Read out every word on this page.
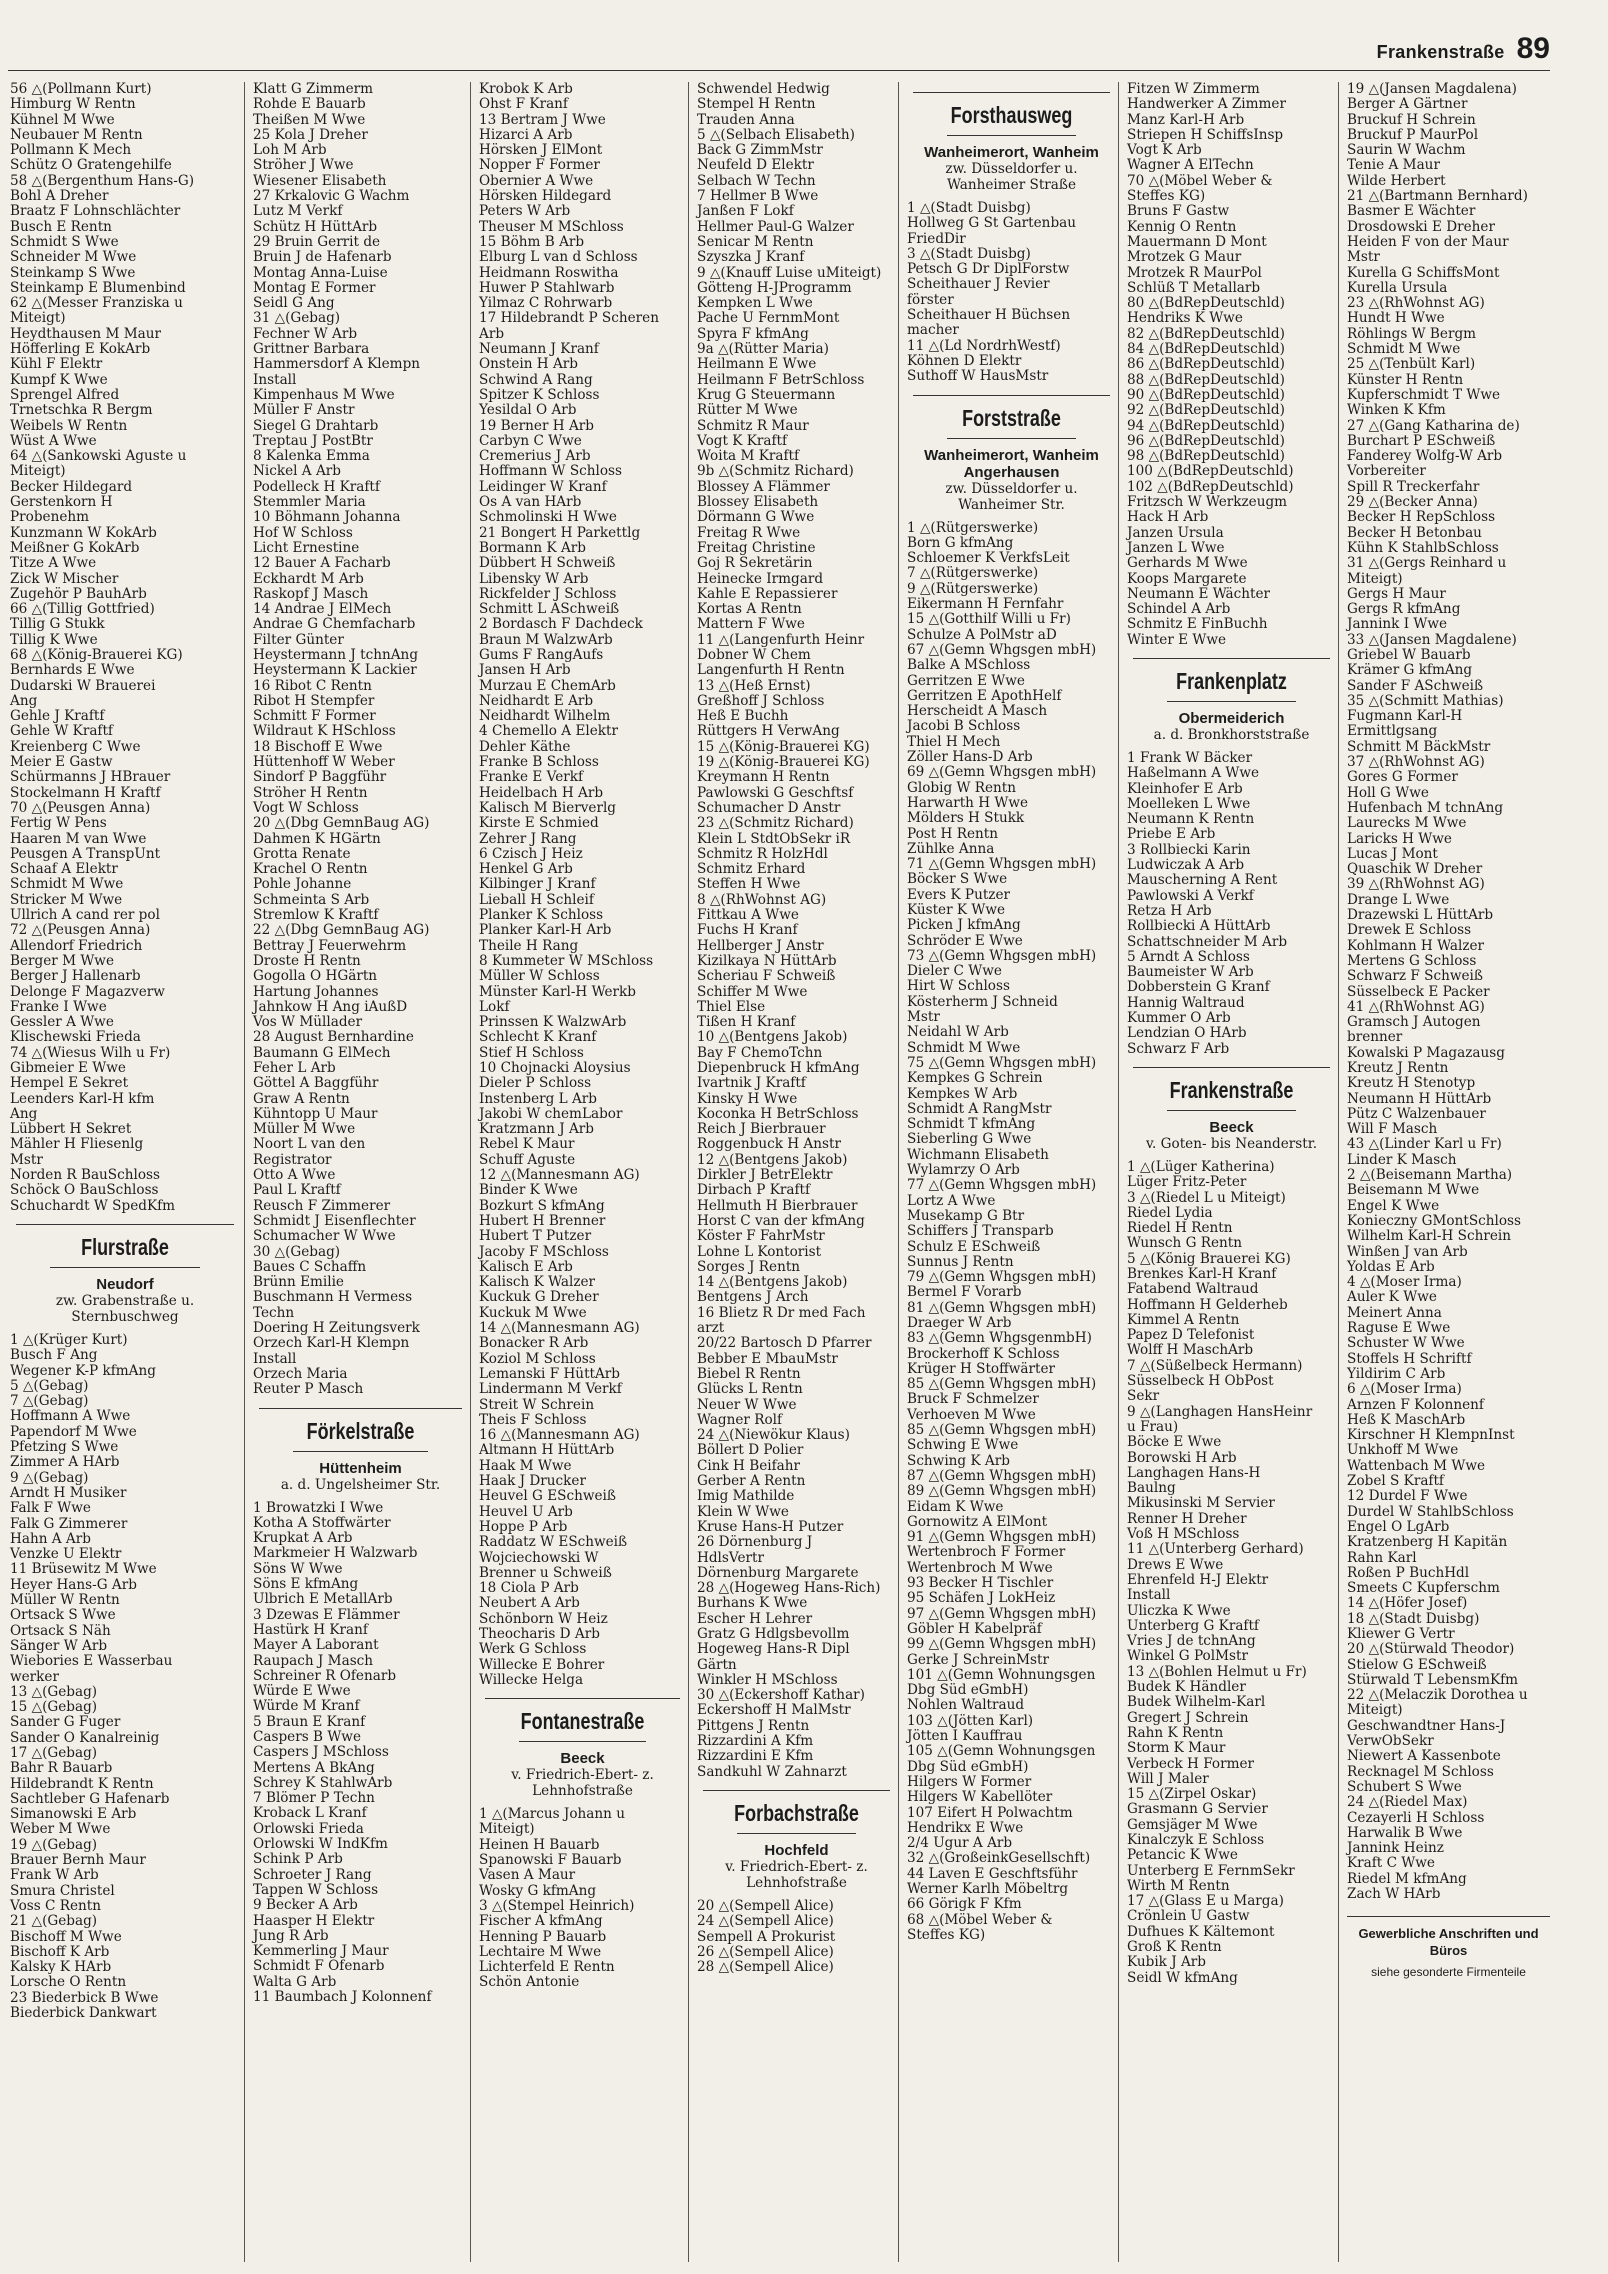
Frankenstraße 89
56 △(Pollmann Kurt)
Himburg W Rentn
Kühnel M Wwe
Neubauer M Rentn
Pollmann K Mech
Schütz O Gratengehilfe
58 △(Bergenthum Hans-G)
Bohl A Dreher
Braatz F Lohnschlächter
Busch E Rentn
Schmidt S Wwe
Schneider M Wwe
Steinkamp S Wwe
Steinkamp E Blumenbind
62 △(Messer Franziska u
Miteigt)
Heydthausen M Maur
Höfferling E KokArb
Kühl F Elektr
Kumpf K Wwe
Sprengel Alfred
Trnetschka R Bergm
Weibels W Rentn
Wüst A Wwe
64 △(Sankowski Aguste u
Miteigt)
Becker Hildegard
Gerstenkorn H
Probenehm
Kunzmann W KokArb
Meißner G KokArb
Titze A Wwe
Zick W Mischer
Zugehör P BauhArb
66 △(Tillig Gottfried)
Tillig G Stukk
Tillig K Wwe
68 △(König-Brauerei KG)
Bernhards E Wwe
Dudarski W Brauerei
Ang
Gehle J Kraftf
Gehle W Kraftf
Kreienberg C Wwe
Meier E Gastw
Schürmanns J HBrauer
Stockelmann H Kraftf
70 △(Peusgen Anna)
Fertig W Pens
Haaren M van Wwe
Peusgen A TranspUnt
Schaaf A Elektr
Schmidt M Wwe
Stricker M Wwe
Ullrich A cand rer pol
72 △(Peusgen Anna)
Allendorf Friedrich
Berger M Wwe
Berger J Hallenarb
Delonge F Magazverw
Franke I Wwe
Gessler A Wwe
Klischewski Frieda
74 △(Wiesus Wilh u Fr)
Gibmeier E Wwe
Hempel E Sekret
Leenders Karl-H kfm
Ang
Lübbert H Sekret
Mähler H Fliesenlg
Mstr
Norden R BauSchloss
Schöck O BauSchloss
Schuchardt W SpedKfm
Flurstraße
Neudorf
zw. Grabenstraße u. Sternbuschweg
1 △(Krüger Kurt)
Busch F Ang
Wegener K-P kfmAng
5 △(Gebag)
7 △(Gebag)
Hoffmann A Wwe
Papendorf M Wwe
Pfetzing S Wwe
Zimmer A HArb
9 △(Gebag)
Arndt H Musiker
Falk F Wwe
Falk G Zimmerer
Hahn A Arb
Venzke U Elektr
11 Brüsewitz M Wwe
Heyer Hans-G Arb
Müller W Rentn
Ortsack S Wwe
Ortsack S Näh
Sänger W Arb
Wiebories E Wasserbau
werker
13 △(Gebag)
15 △(Gebag)
Sander G Fuger
Sander O Kanalreinig
17 △(Gebag)
Bahr R Bauarb
Hildebrandt K Rentn
Sachtleber G Hafenarb
Simanowski E Arb
Weber M Wwe
19 △(Gebag)
Brauer Bernh Maur
Frank W Arb
Smura Christel
Voss C Rentn
21 △(Gebag)
Bischoff M Wwe
Bischoff K Arb
Kalsky K HArb
Lorsche O Rentn
23 Biederbick B Wwe
Biederbick Dankwart
Klatt G Zimmerm
Rohde E Bauarb
Theißen M Wwe
25 Kola J Dreher
Loh M Arb
Ströher J Wwe
Wiesener Elisabeth
27 Krkalovic G Wachm
Lutz M Verkf
Schütz H HüttArb
29 Bruin Gerrit de
Bruin J de Hafenarb
Montag Anna-Luise
Montag E Former
Seidl G Ang
31 △(Gebag)
Fechner W Arb
Grittner Barbara
Hammersdorf A Klempn
Install
Kimpenhaus M Wwe
Müller F Anstr
Siegel G Drahtarb
Treptau J PostBtr
8 Kalenka Emma
Nickel A Arb
Podelleck H Kraftf
Stemmler Maria
10 Böhmann Johanna
Hof W Schloss
Licht Ernestine
12 Bauer A Facharb
Eckhardt M Arb
Raskopf J Masch
14 Andrae J ElMech
Andrae G Chemfacharb
Filter Günter
Heystermann J tchnAng
Heystermann K Lackier
16 Ribot C Rentn
Ribot H Stempfer
Schmitt F Former
Wildraut K HSchloss
18 Bischoff E Wwe
Hüttenhoff W Weber
Sindorf P Baggführ
Ströher H Rentn
Vogt W Schloss
20 △(Dbg GemnBaug AG)
Dahmen K HGärtn
Grotta Renate
Krachel O Rentn
Pohle Johanne
Schmeinta S Arb
Stremlow K Kraftf
22 △(Dbg GemnBaug AG)
Bettray J Feuerwehrm
Droste H Rentn
Gogolla O HGärtn
Hartung Johannes
Jahnkow H Ang iAußD
Vos W Müllader
28 August Bernhardine
Baumann G ElMech
Feher L Arb
Göttel A Baggführ
Graw A Rentn
Kühntopp U Maur
Müller M Wwe
Noort L van den
Registrator
Otto A Wwe
Paul L Kraftf
Reusch F Zimmerer
Schmidt J Eisenflechter
Schumacher W Wwe
30 △(Gebag)
Baues C Schaffn
Brünn Emilie
Buschmann H Vermess
Techn
Doering H Zeitungsverk
Orzech Karl-H Klempn
Install
Orzech Maria
Reuter P Masch
Förkelstraße
Hüttenheim
a. d. Ungelsheimer Str.
1 Browatzki I Wwe
Kotha A Stoffwärter
Krupkat A Arb
Markmeier H Walzwarb
Söns W Wwe
Söns E kfmAng
Ulbrich E MetallArb
3 Dzewas E Flämmer
Hastürk H Kranf
Mayer A Laborant
Raupach J Masch
Schreiner R Ofenarb
Würde E Wwe
Würde M Kranf
5 Braun E Kranf
Caspers B Wwe
Caspers J MSchloss
Mertens A BkAng
Schrey K StahlwArb
7 Blömer P Techn
Kroback L Kranf
Orlowski Frieda
Orlowski W IndKfm
Schink P Arb
Schroeter J Rang
Tappen W Schloss
9 Becker A Arb
Haasper H Elektr
Jung R Arb
Kemmerling J Maur
Schmidt F Ofenarb
Walta G Arb
11 Baumbach J Kolonnenf
Krobok K Arb
Ohst F Kranf
13 Bertram J Wwe
Hizarci A Arb
Hörsken J ElMont
Nopper F Former
Obernier A Wwe
Hörsken Hildegard
Peters W Arb
Theuser M MSchloss
15 Böhm B Arb
Elburg L van d Schloss
Heidmann Roswitha
Huwer P Stahlwarb
Yilmaz C Rohrwarb
17 Hildebrandt P Scheren
Arb
Neumann J Kranf
Onstein H Arb
Schwind A Rang
Spitzer K Schloss
Yesildal O Arb
19 Berner H Arb
Carbyn C Wwe
Cremerius J Arb
Hoffmann W Schloss
Leidinger W Kranf
Os A van HArb
Schmolinski H Wwe
21 Bongert H Parkettlg
Bormann K Arb
Dübbert H Schweiß
Libensky W Arb
Rickfelder J Schloss
Schmitt L ASchweiß
2 Bordasch F Dachdeck
Braun M WalzwArb
Gums F RangAufs
Jansen H Arb
Murzau E ChemArb
Neidhardt E Arb
Neidhardt Wilhelm
4 Chemello A Elektr
Dehler Käthe
Franke B Schloss
Franke E Verkf
Heidelbach H Arb
Kalisch M Bierverlg
Kirste E Schmied
Zehrer J Rang
6 Czisch J Heiz
Henkel G Arb
Kilbinger J Kranf
Lieball H Schleif
Planker K Schloss
Planker Karl-H Arb
Theile H Rang
8 Kummeter W MSchloss
Müller W Schloss
Münster Karl-H Werkb
Lokf
Prinssen K WalzwArb
Schlecht K Kranf
Stief H Schloss
10 Chojnacki Aloysius
Dieler P Schloss
Instenberg L Arb
Jakobi W chemLabor
Kratzmann J Arb
Rebel K Maur
Schuff Aguste
12 △(Mannesmann AG)
Binder K Wwe
Bozkurt S kfmAng
Hubert H Brenner
Hubert T Putzer
Jacoby F MSchloss
Kalisch E Arb
Kalisch K Walzer
Kuckuk G Dreher
Kuckuk M Wwe
14 △(Mannesmann AG)
Bonacker R Arb
Koziol M Schloss
Lemanski F HüttArb
Lindermann M Verkf
Streit W Schrein
Theis F Schloss
16 △(Mannesmann AG)
Altmann H HüttArb
Haak M Wwe
Haak J Drucker
Heuvel G ESchweiß
Heuvel U Arb
Hoppe P Arb
Raddatz W ESchweiß
Wojciechowski W
Brenner u Schweiß
18 Ciola P Arb
Neubert A Arb
Schönborn W Heiz
Theocharis D Arb
Werk G Schloss
Willecke E Bohrer
Willecke Helga
Fontanestraße
Beeck
v. Friedrich-Ebert- z. Lehnhofstraße
1 △(Marcus Johann u
Miteigt)
Heinen H Bauarb
Spanowski F Bauarb
Vasen A Maur
Wosky G kfmAng
3 △(Stempel Heinrich)
Fischer A kfmAng
Henning P Bauarb
Lechtaire M Wwe
Lichterfeld E Rentn
Schön Antonie
Schwendel Hedwig
Stempel H Rentn
Trauden Anna
5 △(Selbach Elisabeth)
Back G ZimmMstr
Neufeld D Elektr
Selbach W Techn
7 Hellmer B Wwe
Janßen F Lokf
Hellmer Paul-G Walzer
Senicar M Rentn
Szyszka J Kranf
9 △(Knauff Luise uMiteigt)
Götteng H-JProgramm
Kempken L Wwe
Pache U FernmMont
Spyra F kfmAng
9a △(Rütter Maria)
Heilmann E Wwe
Heilmann F BetrSchloss
Krug G Steuermann
Rütter M Wwe
Schmitz R Maur
Vogt K Kraftf
Woita M Kraftf
9b △(Schmitz Richard)
Blossey A Flämmer
Blossey Elisabeth
Dörmann G Wwe
Freitag R Wwe
Freitag Christine
Goj R Sekretärin
Heinecke Irmgard
Kahle E Repassierer
Kortas A Rentn
Mattern F Wwe
11 △(Langenfurth Heinr
Dobner W Chem
Langenfurth H Rentn
13 △(Heß Ernst)
Greßhoff J Schloss
Heß E Buchh
Rüttgers H VerwAng
15 △(König-Brauerei KG)
19 △(König-Brauerei KG)
Kreymann H Rentn
Pawlowski G Geschftsf
Schumacher D Anstr
23 △(Schmitz Richard)
Klein L StdtObSekr iR
Schmitz R HolzHdl
Schmitz Erhard
Steffen H Wwe
8 △(RhWohnst AG)
Fittkau A Wwe
Fuchs H Kranf
Hellberger J Anstr
Kizilkaya N HüttArb
Scheriau F Schweiß
Schiffer M Wwe
Thiel Else
Tißen H Kranf
10 △(Bentgens Jakob)
Bay F ChemoTchn
Diepenbruck H kfmAng
Ivartnik J Kraftf
Kinsky H Wwe
Koconka H BetrSchloss
Reich J Bierbrauer
Roggenbuck H Anstr
12 △(Bentgens Jakob)
Dirkler J BetrElektr
Dirbach P Kraftf
Hellmuth H Bierbrauer
Horst C van der kfmAng
Köster F FahrMstr
Lohne L Kontorist
Sorges J Rentn
14 △(Bentgens Jakob)
Bentgens J Arch
16 Blietz R Dr med Fach
arzt
20/22 Bartosch D Pfarrer
Bebber E MbauMstr
Biebel R Rentn
Glücks L Rentn
Neuer W Wwe
Wagner Rolf
24 △(Niewökur Klaus)
Böllert D Polier
Cink H Beifahr
Gerber A Rentn
Imig Mathilde
Klein W Wwe
Kruse Hans-H Putzer
26 Dörnenburg J
HdlsVertr
Dörnenburg Margarete
28 △(Hogeweg Hans-Rich)
Burhans K Wwe
Escher H Lehrer
Gratz G Hdlgsbevollm
Hogeweg Hans-R Dipl
Gärtn
Winkler H MSchloss
30 △(Eckershoff Kathar)
Eckershoff H MalMstr
Pittgens J Rentn
Rizzardini A Kfm
Rizzardini E Kfm
Sandkuhl W Zahnarzt
Forbachstraße
Hochfeld
v. Friedrich-Ebert- z. Lehnhofstraße
20 △(Sempell Alice)
24 △(Sempell Alice)
Sempell A Prokurist
26 △(Sempell Alice)
28 △(Sempell Alice)
Forsthausweg
Wanheimerort, Wanheim
zw. Düsseldorfer u. Wanheimer Straße
1 △(Stadt Duisbg)
Hollweg G St Gartenbau
FriedDir
3 △(Stadt Duisbg)
Petsch G Dr DiplForstw
Scheithauer J Revier
förster
Scheithauer H Büchsen
macher
11 △(Ld NordrhWestf)
Köhnen D Elektr
Suthoff W HausMstr
Forststraße
Wanheimerort, Wanheim Angerhausen
zw. Düsseldorfer u. Wanheimer Str.
1 △(Rütgerswerke)
Born G kfmAng
Schloemer K VerkfsLeit
7 △(Rütgerswerke)
9 △(Rütgerswerke)
Eikermann H Fernfahr
15 △(Gotthilf Willi u Fr)
Schulze A PolMstr aD
67 △(Gemn Whgsgen mbH)
Balke A MSchloss
Gerritzen E Wwe
Gerritzen E ApothHelf
Herscheidt A Masch
Jacobi B Schloss
Thiel H Mech
Zöller Hans-D Arb
69 △(Gemn Whgsgen mbH)
Globig W Rentn
Harwarth H Wwe
Mölders H Stukk
Post H Rentn
Zühlke Anna
71 △(Gemn Whgsgen mbH)
Böcker S Wwe
Evers K Putzer
Küster K Wwe
Picken J kfmAng
Schröder E Wwe
73 △(Gemn Whgsgen mbH)
Dieler C Wwe
Hirt W Schloss
Kösterherm J Schneid
Mstr
Neidahl W Arb
Schmidt M Wwe
75 △(Gemn Whgsgen mbH)
Kempkes G Schrein
Kempkes W Arb
Schmidt A RangMstr
Schmidt T kfmAng
Sieberling G Wwe
Wichmann Elisabeth
Wylamrzy O Arb
77 △(Gemn Whgsgen mbH)
Lortz A Wwe
Musekamp G Btr
Schiffers J Transparb
Schulz E ESchweiß
Sunnus J Rentn
79 △(Gemn Whgsgen mbH)
Bermel F Vorarb
81 △(Gemn Whgsgen mbH)
Draeger W Arb
83 △(Gemn WhgsgenmbH)
Brockerhoff K Schloss
Krüger H Stoffwärter
85 △(Gemn Whgsgen mbH)
Bruck F Schmelzer
Verhoeven M Wwe
85 △(Gemn Whgsgen mbH)
Schwing E Wwe
Schwing K Arb
87 △(Gemn Whgsgen mbH)
89 △(Gemn Whgsgen mbH)
Eidam K Wwe
Gornowitz A ElMont
91 △(Gemn Whgsgen mbH)
Wertenbroch F Former
Wertenbroch M Wwe
93 Becker H Tischler
95 Schäfen J LokHeiz
97 △(Gemn Whgsgen mbH)
Göbler H Kabelpräf
99 △(Gemn Whgsgen mbH)
Gerke J SchreinMstr
101 △(Gemn Wohnungsgen
Dbg Süd eGmbH)
Nohlen Waltraud
103 △(Jötten Karl)
Jötten I Kauffrau
105 △(Gemn Wohnungsgen
Dbg Süd eGmbH)
Hilgers W Former
Hilgers W Kabellöter
107 Eifert H Polwachtm
Hendrikx E Wwe
2/4 Ugur A Arb
32 △(GroßeinkGesellschft)
44 Laven E Geschftsführ
Werner Karlh Möbeltrg
66 Görigk F Kfm
68 △(Möbel Weber &
Steffes KG)
Fitzen W Zimmerm
Handwerker A Zimmer
Manz Karl-H Arb
Striepen H SchiffsInsp
Vogt K Arb
Wagner A ElTechn
70 △(Möbel Weber &
Steffes KG)
Bruns F Gastw
Kennig O Rentn
Mauermann D Mont
Mrotzek G Maur
Mrotzek R MaurPol
Schlüß T Metallarb
80 △(BdRepDeutschld)
Hendriks K Wwe
82 △(BdRepDeutschld)
84 △(BdRepDeutschld)
86 △(BdRepDeutschld)
88 △(BdRepDeutschld)
90 △(BdRepDeutschld)
92 △(BdRepDeutschld)
94 △(BdRepDeutschld)
96 △(BdRepDeutschld)
98 △(BdRepDeutschld)
100 △(BdRepDeutschld)
102 △(BdRepDeutschld)
Fritzsch W Werkzeugm
Hack H Arb
Janzen Ursula
Janzen L Wwe
Gerhards M Wwe
Koops Margarete
Neumann E Wächter
Schindel A Arb
Schmitz E FinBuchh
Winter E Wwe
Frankenplatz
Obermeiderich
a. d. Bronkhorststraße
1 Frank W Bäcker
Haßelmann A Wwe
Kleinhofer E Arb
Moelleken L Wwe
Neumann K Rentn
Priebe E Arb
3 Rollbiecki Karin
Ludwiczak A Arb
Mauscherning A Rent
Pawlowski A Verkf
Retza H Arb
Rollbiecki A HüttArb
Schattschneider M Arb
5 Arndt A Schloss
Baumeister W Arb
Dobberstein G Kranf
Hannig Waltraud
Kummer O Arb
Lendzian O HArb
Schwarz F Arb
Frankenstraße
Beeck
v. Goten- bis Neanderstr.
1 △(Lüger Katherina)
Lüger Fritz-Peter
3 △(Riedel L u Miteigt)
Riedel Lydia
Riedel H Rentn
Wunsch G Rentn
5 △(König Brauerei KG)
Brenkes Karl-H Kranf
Fatabend Waltraud
Hoffmann H Gelderheb
Kimmel A Rentn
Papez D Telefonist
Wolff H MaschArb
7 △(Süßelbeck Hermann)
Süsselbeck H ObPost
Sekr
9 △(Langhagen HansHeinr
u Frau)
Böcke E Wwe
Borowski H Arb
Langhagen Hans-H
Baulng
Mikusinski M Servier
Renner H Dreher
Voß H MSchloss
11 △(Unterberg Gerhard)
Drews E Wwe
Ehrenfeld H-J Elektr
Install
Uliczka K Wwe
Unterberg G Kraftf
Vries J de tchnAng
Winkel G PolMstr
13 △(Bohlen Helmut u Fr)
Budek K Händler
Budek Wilhelm-Karl
Gregert J Schrein
Rahn K Rentn
Storm K Maur
Verbeck H Former
Will J Maler
15 △(Zirpel Oskar)
Grasmann G Servier
Gemsjäger M Wwe
Kinalczyk E Schloss
Petancic K Wwe
Unterberg E FernmSekr
Wirth M Rentn
17 △(Glass E u Marga)
Crönlein U Gastw
Dufhues K Kältemont
Groß K Rentn
Kubik J Arb
Seidl W kfmAng
19 △(Jansen Magdalena)
Berger A Gärtner
Bruckuf H Schrein
Bruckuf P MaurPol
Saurin W Wachm
Tenie A Maur
Wilde Herbert
21 △(Bartmann Bernhard)
Basmer E Wächter
Drosdowski E Dreher
Heiden F von der Maur
Mstr
Kurella G SchiffsMont
Kurella Ursula
23 △(RhWohnst AG)
Hundt H Wwe
Röhlings W Bergm
Schmidt M Wwe
25 △(Tenbült Karl)
Künster H Rentn
Kupferschmidt T Wwe
Winken K Kfm
27 △(Gang Katharina de)
Burchart P ESchweiß
Fanderey Wolfg-W Arb
Vorbereiter
Spill R Treckerfahr
29 △(Becker Anna)
Becker H RepSchloss
Becker H Betonbau
Kühn K StahlbSchloss
31 △(Gergs Reinhard u
Miteigt)
Gergs H Maur
Gergs R kfmAng
Jannink I Wwe
33 △(Jansen Magdalene)
Griebel W Bauarb
Krämer G kfmAng
Sander F ASchweiß
35 △(Schmitt Mathias)
Fugmann Karl-H
Ermittlgsang
Schmitt M BäckMstr
37 △(RhWohnst AG)
Gores G Former
Holl G Wwe
Hufenbach M tchnAng
Laurecks M Wwe
Laricks H Wwe
Lucas J Mont
Quaschik W Dreher
39 △(RhWohnst AG)
Drange L Wwe
Drazewski L HüttArb
Drewek E Schloss
Kohlmann H Walzer
Mertens G Schloss
Schwarz F Schweiß
Süsselbeck E Packer
41 △(RhWohnst AG)
Gramsch J Autogen
brenner
Kowalski P Magazausg
Kreutz J Rentn
Kreutz H Stenotyp
Neumann H HüttArb
Pütz C Walzenbauer
Will F Masch
43 △(Linder Karl u Fr)
Linder K Masch
2 △(Beisemann Martha)
Beisemann M Wwe
Engel K Wwe
Konieczny GMontSchloss
Wilhelm Karl-H Schrein
Winßen J van Arb
Yoldas E Arb
4 △(Moser Irma)
Auler K Wwe
Meinert Anna
Raguse E Wwe
Schuster W Wwe
Stoffels H Schriftf
Yildirim C Arb
6 △(Moser Irma)
Arnzen F Kolonnenf
Heß K MaschArb
Kirschner H KlempnInst
Unkhoff M Wwe
Wattenbach M Wwe
Zobel S Kraftf
12 Durdel F Wwe
Durdel W StahlbSchloss
Engel O LgArb
Kratzenberg H Kapitän
Rahn Karl
Roßen P BuchHdl
Smeets C Kupferschm
14 △(Höfer Josef)
18 △(Stadt Duisbg)
Kliewer G Vertr
20 △(Stürwald Theodor)
Stielow G ESchweiß
Stürwald T LebensmKfm
22 △(Melaczik Dorothea u
Miteigt)
Geschwandtner Hans-J
VerwObSekr
Niewert A Kassenbote
Recknagel M Schloss
Schubert S Wwe
24 △(Riedel Max)
Cezayerli H Schloss
Harwalik B Wwe
Jannink Heinz
Kraft C Wwe
Riedel M kfmAng
Zach W HArb
Gewerbliche Anschriften und Büros
siehe gesonderte Firmenteile
